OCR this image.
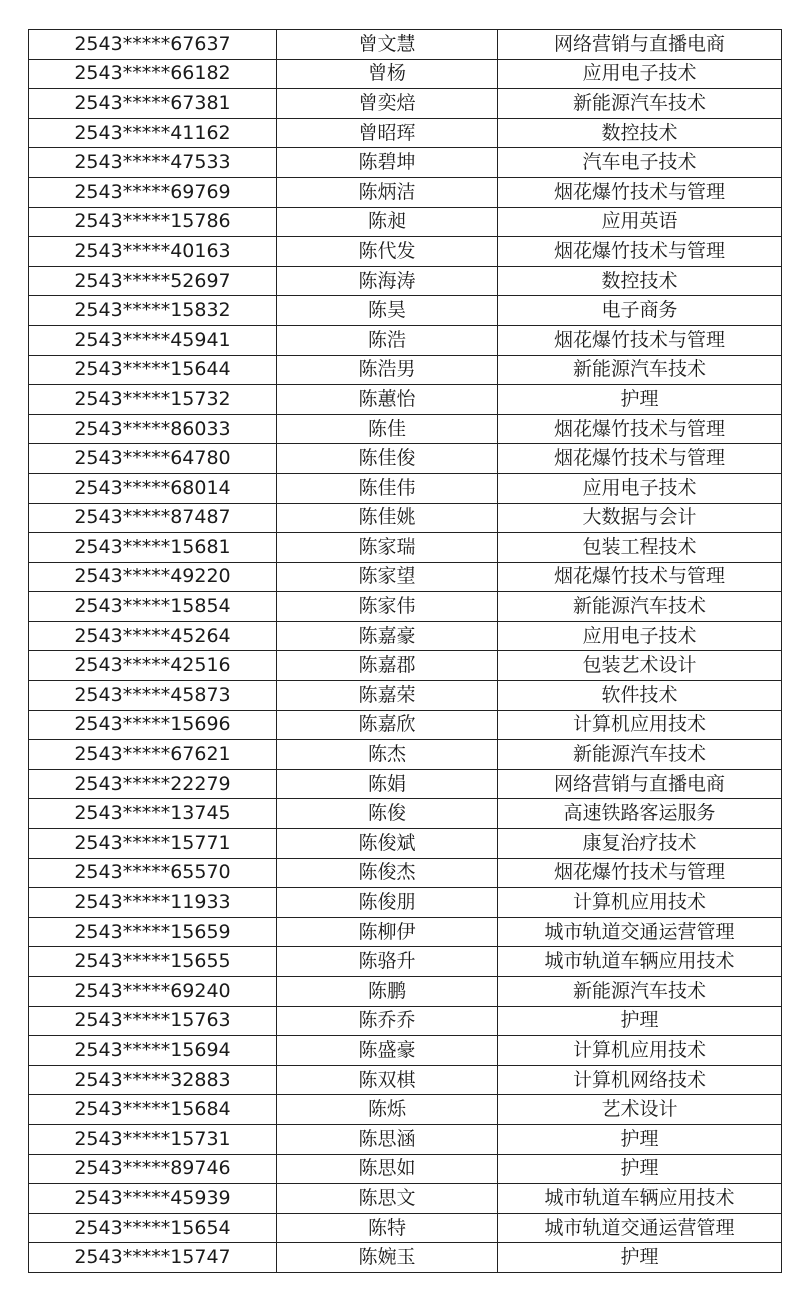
2543*****67637	曾文慧	网络营销与直播电商
2543*****66182	曾杨	应用电子技术
2543*****67381	曾奕焙	新能源汽车技术
2543*****41162	曾昭珲	数控技术
2543*****47533	陈碧坤	汽车电子技术
2543*****69769	陈炳洁	烟花爆竹技术与管理
2543*****15786	陈昶	应用英语
2543*****40163	陈代发	烟花爆竹技术与管理
2543*****52697	陈海涛	数控技术
2543*****15832	陈昊	电子商务
2543*****45941	陈浩	烟花爆竹技术与管理
2543*****15644	陈浩男	新能源汽车技术
2543*****15732	陈蕙怡	护理
2543*****86033	陈佳	烟花爆竹技术与管理
2543*****64780	陈佳俊	烟花爆竹技术与管理
2543*****68014	陈佳伟	应用电子技术
2543*****87487	陈佳姚	大数据与会计
2543*****15681	陈家瑞	包装工程技术
2543*****49220	陈家望	烟花爆竹技术与管理
2543*****15854	陈家伟	新能源汽车技术
2543*****45264	陈嘉豪	应用电子技术
2543*****42516	陈嘉郡	包装艺术设计
2543*****45873	陈嘉荣	软件技术
2543*****15696	陈嘉欣	计算机应用技术
2543*****67621	陈杰	新能源汽车技术
2543*****22279	陈娟	网络营销与直播电商
2543*****13745	陈俊	高速铁路客运服务
2543*****15771	陈俊斌	康复治疗技术
2543*****65570	陈俊杰	烟花爆竹技术与管理
2543*****11933	陈俊朋	计算机应用技术
2543*****15659	陈柳伊	城市轨道交通运营管理
2543*****15655	陈骆升	城市轨道车辆应用技术
2543*****69240	陈鹏	新能源汽车技术
2543*****15763	陈乔乔	护理
2543*****15694	陈盛豪	计算机应用技术
2543*****32883	陈双棋	计算机网络技术
2543*****15684	陈烁	艺术设计
2543*****15731	陈思涵	护理
2543*****89746	陈思如	护理
2543*****45939	陈思文	城市轨道车辆应用技术
2543*****15654	陈特	城市轨道交通运营管理
2543*****15747	陈婉玉	护理
